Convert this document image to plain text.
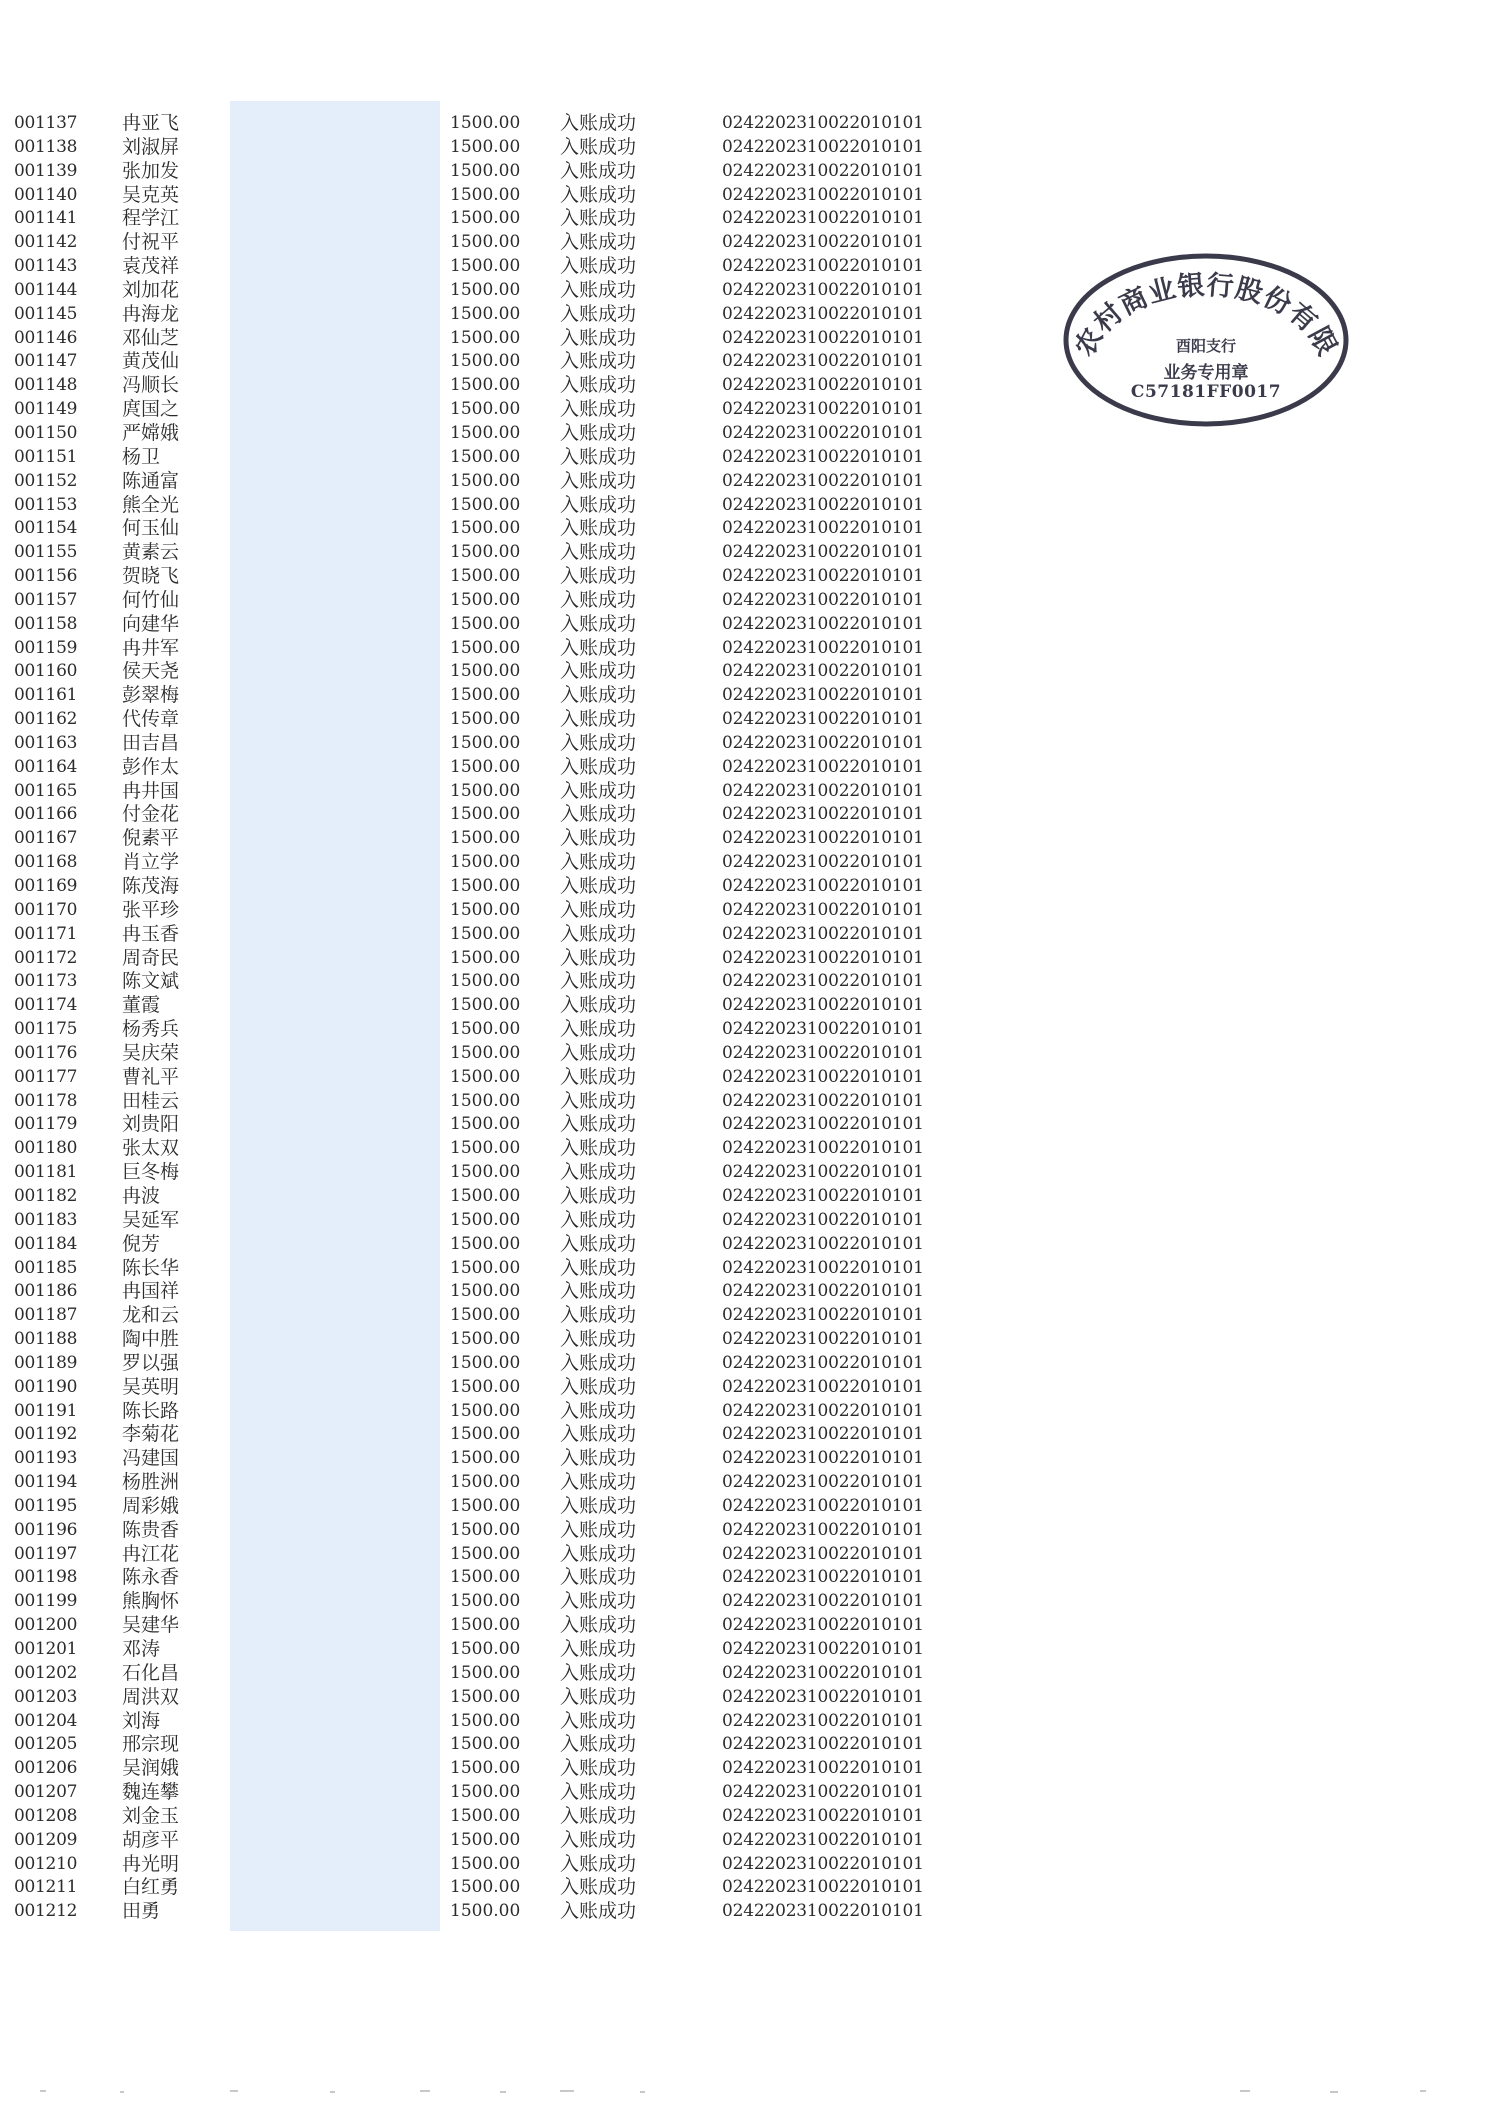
001137 冉亚飞	1500.00 入账成功	024220231002201010​1
001138 刘淑屏	1500.00 入账成功	0242202310022010101
001139 张加发	1500.00 入账成功	0242202310022010101
001140 吴克英	1500.00 入账成功	0242202310022010101
001141 程学江	1500.00 入账成功	0242202310022010101
001142 付祝平	1500.00 入账成功	0242202310022010101
001143 袁茂祥	1500.00 入账成功	0242202310022010101
001144 刘加花	1500.00 入账成功	0242202310022010101
001145 冉海龙	1500.00 入账成功	0242202310022010101
001146 邓仙芝	1500.00 入账成功	0242202310022010101
001147 黄茂仙	1500.00 入账成功	0242202310022010101
001148 冯顺长	1500.00 入账成功	0242202310022010101
001149 庹国之	1500.00 入账成功	0242202310022010101
001150 严嫦娥	1500.00 入账成功	0242202310022010101
001151 杨卫	1500.00 入账成功	0242202310022010101
001152 陈通富	1500.00 入账成功	0242202310022010101
001153 熊全光	1500.00 入账成功	0242202310022010101
001154 何玉仙	1500.00 入账成功	0242202310022010101
001155 黄素云	1500.00 入账成功	0242202310022010101
001156 贺晓飞	1500.00 入账成功	0242202310022010101
001157 何竹仙	1500.00 入账成功	0242202310022010101
001158 向建华	1500.00 入账成功	0242202310022010101
001159 冉井军	1500.00 入账成功	0242202310022010101
001160 侯天尧	1500.00 入账成功	0242202310022010101
001161 彭翠梅	1500.00 入账成功	0242202310022010101
001162 代传章	1500.00 入账成功	0242202310022010101
001163 田吉昌	1500.00 入账成功	0242202310022010101
001164 彭作太	1500.00 入账成功	0242202310022010101
001165 冉井国	1500.00 入账成功	0242202310022010101
001166 付金花	1500.00 入账成功	0242202310022010101
001167 倪素平	1500.00 入账成功	0242202310022010101
001168 肖立学	1500.00 入账成功	0242202310022010101
001169 陈茂海	1500.00 入账成功	0242202310022010101
001170 张平珍	1500.00 入账成功	0242202310022010101
001171 冉玉香	1500.00 入账成功	0242202310022010101
001172 周奇民	1500.00 入账成功	0242202310022010101
001173 陈文斌	1500.00 入账成功	0242202310022010101
001174 董霞	1500.00 入账成功	0242202310022010101
001175 杨秀兵	1500.00 入账成功	0242202310022010101
001176 吴庆荣	1500.00 入账成功	0242202310022010101
001177 曹礼平	1500.00 入账成功	0242202310022010101
001178 田桂云	1500.00 入账成功	0242202310022010101
001179 刘贵阳	1500.00 入账成功	0242202310022010101
001180 张太双	1500.00 入账成功	0242202310022010101
001181 巨冬梅	1500.00 入账成功	0242202310022010101
001182 冉波	1500.00 入账成功	0242202310022010101
001183 吴延军	1500.00 入账成功	0242202310022010101
001184 倪芳	1500.00 入账成功	0242202310022010101
001185 陈长华	1500.00 入账成功	0242202310022010101
001186 冉国祥	1500.00 入账成功	0242202310022010101
001187 龙和云	1500.00 入账成功	0242202310022010101
001188 陶中胜	1500.00 入账成功	0242202310022010101
001189 罗以强	1500.00 入账成功	0242202310022010101
001190 吴英明	1500.00 入账成功	0242202310022010101
001191 陈长路	1500.00 入账成功	0242202310022010101
001192 李菊花	1500.00 入账成功	0242202310022010101
001193 冯建国	1500.00 入账成功	0242202310022010101
001194 杨胜洲	1500.00 入账成功	0242202310022010101
001195 周彩娥	1500.00 入账成功	0242202310022010101
001196 陈贵香	1500.00 入账成功	0242202310022010101
001197 冉江花	1500.00 入账成功	0242202310022010101
001198 陈永香	1500.00 入账成功	0242202310022010101
001199 熊胸怀	1500.00 入账成功	0242202310022010101
001200 吴建华	1500.00 入账成功	0242202310022010101
001201 邓涛	1500.00 入账成功	0242202310022010101
001202 石化昌	1500.00 入账成功	0242202310022010101
001203 周洪双	1500.00 入账成功	0242202310022010101
001204 刘海	1500.00 入账成功	0242202310022010101
001205 邢宗现	1500.00 入账成功	0242202310022010101
001206 吴润娥	1500.00 入账成功	0242202310022010101
001207 魏连攀	1500.00 入账成功	0242202310022010101
001208 刘金玉	1500.00 入账成功	0242202310022010101
001209 胡彦平	1500.00 入账成功	0242202310022010101
001210 冉光明	1500.00 入账成功	0242202310022010101
001211 白红勇	1500.00 入账成功	0242202310022010101
001212 田勇	1500.00 入账成功	0242202310022010101
农村商业银行股份有限
酉阳支行
业务专用章
C57181FF0017
